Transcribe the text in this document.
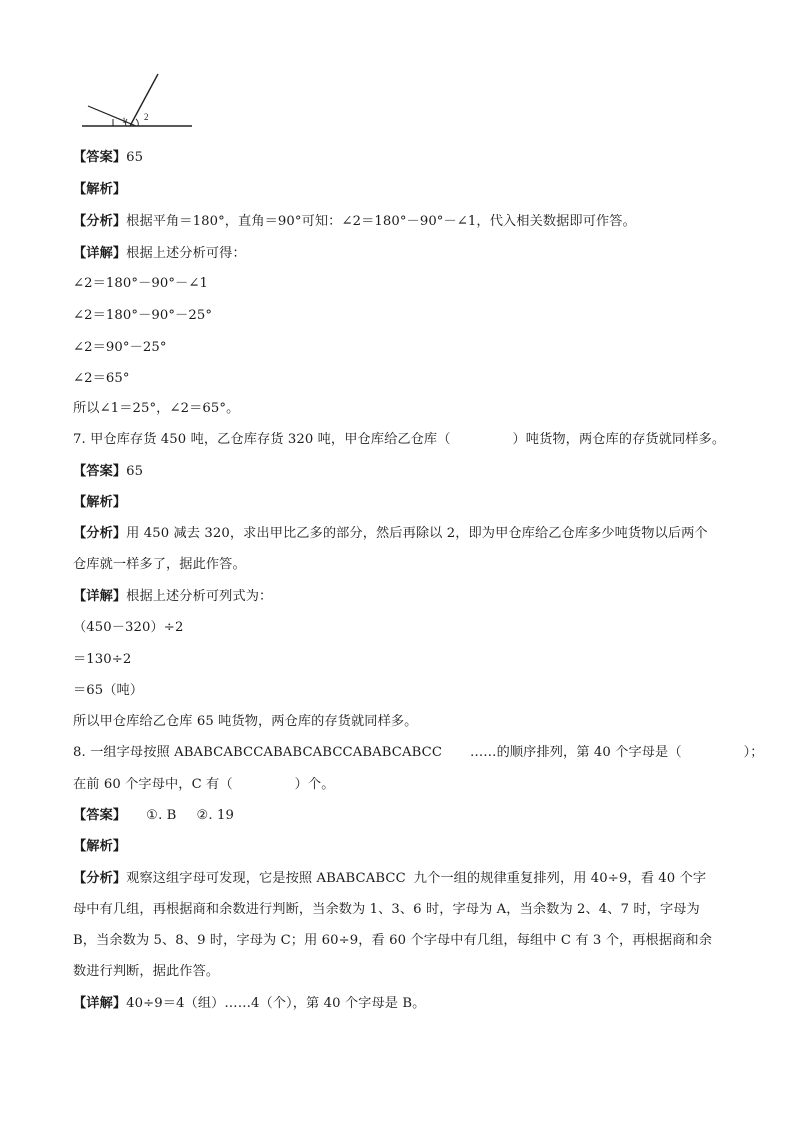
1 2
【答案】65
【解析】
【分析】根据平角＝180°，直角＝90°可知：∠2＝180°－90°－∠1，代入相关数据即可作答。
【详解】根据上述分析可得：
∠2＝180°－90°－∠1
∠2＝180°－90°－25°
∠2＝90°－25°
∠2＝65°
所以∠1＝25°，∠2＝65°。
7. 甲仓库存货 450 吨，乙仓库存货 320 吨，甲仓库给乙仓库（	）吨货物，两仓库的存货就同样多。
【答案】65
【解析】
【分析】用 450 减去 320，求出甲比乙多的部分，然后再除以 2，即为甲仓库给乙仓库多少吨货物以后两个
仓库就一样多了，据此作答。
【详解】根据上述分析可列式为：
（450－320）÷2
＝130÷2
＝65（吨）
所以甲仓库给乙仓库 65 吨货物，两仓库的存货就同样多。
8. 一组字母按照 ABABCABCCABABCABCCABABCABCC ……的顺序排列，第 40 个字母是（	）；
在前 60 个字母中，C 有（	）个。
【答案】 ①. B ②. 19
【解析】
【分析】观察这组字母可发现，它是按照 ABABCABCC 九个一组的规律重复排列，用 40÷9，看 40 个字
母中有几组，再根据商和余数进行判断，当余数为 1、3、6 时，字母为 A，当余数为 2、4、7 时，字母为
B，当余数为 5、8、9 时，字母为 C；用 60÷9，看 60 个字母中有几组，每组中 C 有 3 个，再根据商和余
数进行判断，据此作答。
【详解】40÷9＝4（组）……4（个），第 40 个字母是 B。
